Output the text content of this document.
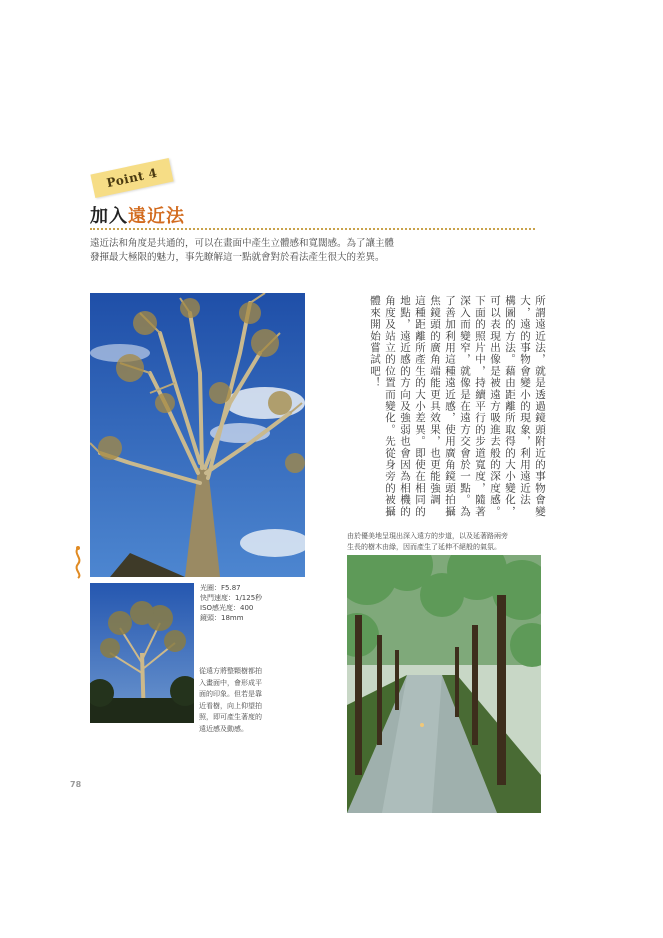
Point 4
加入遠近法

遠近法和角度是共通的，可以在畫面中產生立體感和寬闊感。為了讓主體

發揮最大極限的魅力，事先瞭解這一點就會對於看法產生很大的差異。

所謂遠近法，就是透過鏡頭附近的事物會變
大，遠的事物會變小的現象，利用遠近法
構圖的方法。藉由距離所取得的大小變化，
可以表現出像是被遠方吸進去般的深度感。
下面的照片中，持續平行的步道寬度，隨著
深入而變窄，就像是在遠方交會於一點。為
了善加利用這種遠近感，使用廣角鏡頭拍攝
焦鏡頭的廣角端能更具效果，也更能強調
這種距離所產生的大小差異。即使在相同的
地點，遠近感的方向及強弱也會因為相機的
角度及站立的位置而變化。先從身旁的被攝
體來開始嘗試吧！

由於優美地呈現出深入遠方的步道，以及延著路兩旁

生長的樹木由綠，因而產生了延伸不絕般的氣氛。

光圈：F5.87
快門速度：1/125秒
ISO感光度：400
鏡頭：18mm
從遠方將整顆樹都拍
入畫面中，會形成平
面的印象。但若是靠
近看樹，向上仰望拍
照，即可產生著度的
遠近感及動感。
78
